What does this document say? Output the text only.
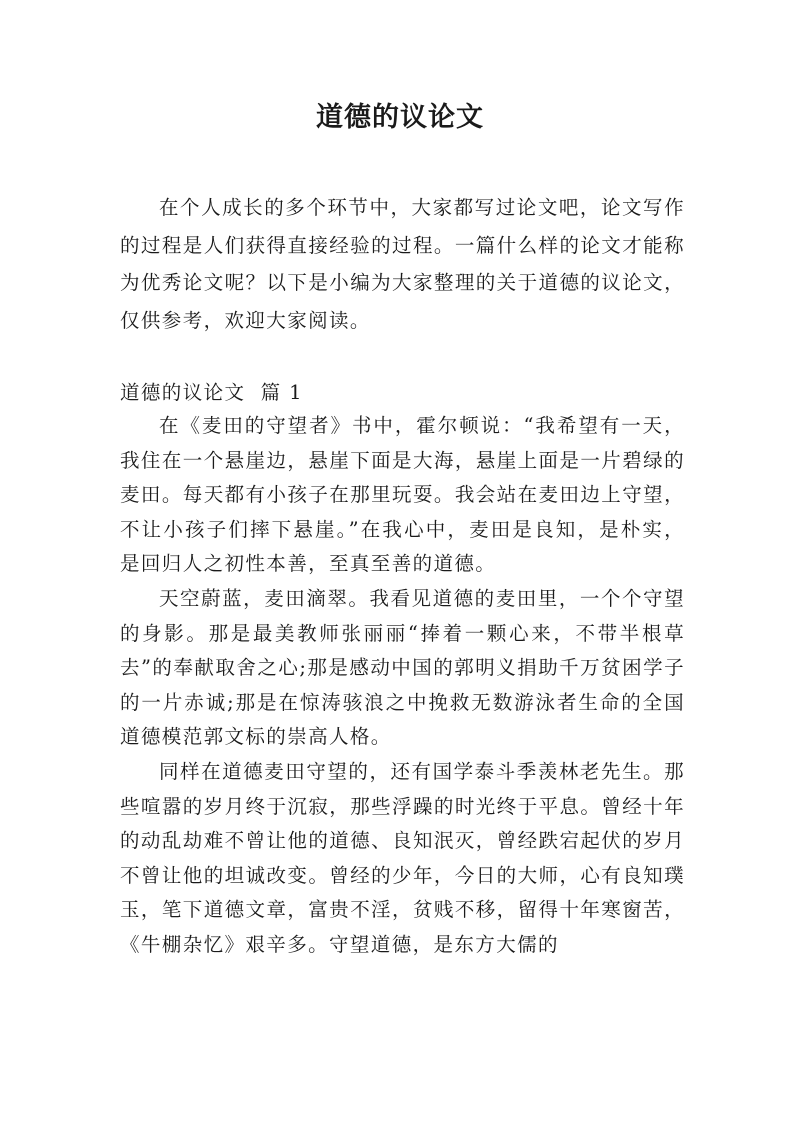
道德的议论文

在个人成长的多个环节中，大家都写过论文吧，论文写作的过程是人们获得直接经验的过程。一篇什么样的论文才能称为优秀论文呢？以下是小编为大家整理的关于道德的议论文，仅供参考，欢迎大家阅读。

道德的议论文  篇 1

在《麦田的守望者》书中，霍尔顿说：“我希望有一天，我住在一个悬崖边，悬崖下面是大海，悬崖上面是一片碧绿的麦田。每天都有小孩子在那里玩耍。我会站在麦田边上守望，不让小孩子们摔下悬崖。”在我心中，麦田是良知，是朴实，是回归人之初性本善，至真至善的道德。

天空蔚蓝，麦田滴翠。我看见道德的麦田里，一个个守望的身影。那是最美教师张丽丽“捧着一颗心来，不带半根草去”的奉献取舍之心;那是感动中国的郭明义捐助千万贫困学子的一片赤诚;那是在惊涛骇浪之中挽救无数游泳者生命的全国道德模范郭文标的崇高人格。

同样在道德麦田守望的，还有国学泰斗季羡林老先生。那些喧嚣的岁月终于沉寂，那些浮躁的时光终于平息。曾经十年的动乱劫难不曾让他的道德、良知泯灭，曾经跌宕起伏的岁月不曾让他的坦诚改变。曾经的少年，今日的大师，心有良知璞玉，笔下道德文章，富贵不淫，贫贱不移，留得十年寒窗苦，《牛棚杂忆》艰辛多。守望道德，是东方大儒的
